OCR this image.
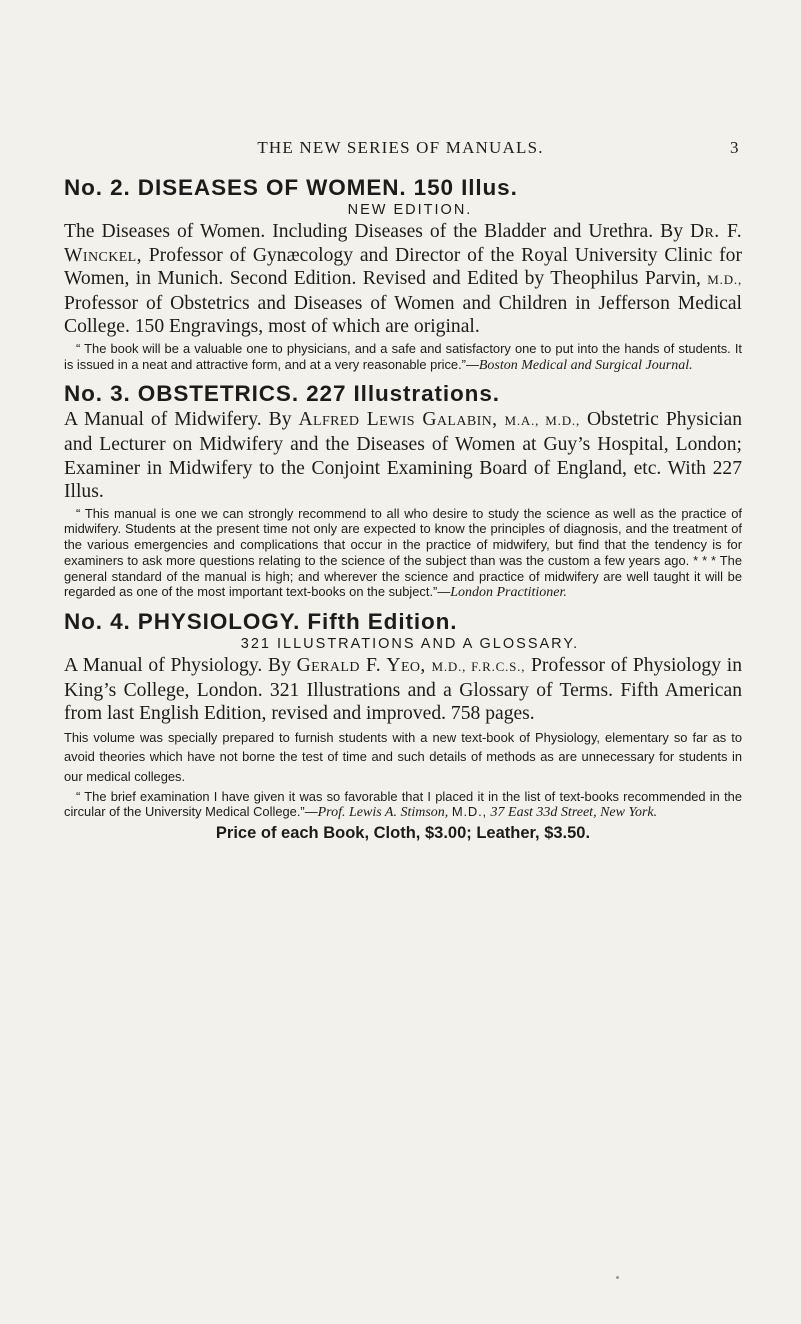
THE NEW SERIES OF MANUALS.	3
No. 2. DISEASES OF WOMEN. 150 Illus.
NEW EDITION.

The Diseases of Women. Including Diseases of the Bladder and Urethra. By Dr. F. Winckel, Professor of Gynæcology and Director of the Royal University Clinic for Women, in Munich. Second Edition. Revised and Edited by Theophilus Parvin, M.D., Professor of Obstetrics and Diseases of Women and Children in Jefferson Medical College. 150 Engravings, most of which are original.

“ The book will be a valuable one to physicians, and a safe and satisfactory one to put into the hands of students. It is issued in a neat and attractive form, and at a very reasonable price.”—Boston Medical and Surgical Journal.

No. 3. OBSTETRICS. 227 Illustrations.

A Manual of Midwifery. By Alfred Lewis Galabin, M.A., M.D., Obstetric Physician and Lecturer on Midwifery and the Diseases of Women at Guy’s Hospital, London; Examiner in Midwifery to the Conjoint Examining Board of England, etc. With 227 Illus.

“ This manual is one we can strongly recommend to all who desire to study the science as well as the practice of midwifery. Students at the present time not only are expected to know the principles of diagnosis, and the treatment of the various emergencies and complications that occur in the practice of midwifery, but find that the tendency is for examiners to ask more questions relating to the science of the subject than was the custom a few years ago. * * * The general standard of the manual is high; and wherever the science and practice of midwifery are well taught it will be regarded as one of the most important text-books on the subject.”—London Practitioner.

No. 4. PHYSIOLOGY. Fifth Edition.
321 ILLUSTRATIONS AND A GLOSSARY.

A Manual of Physiology. By Gerald F. Yeo, M.D., F.R.C.S., Professor of Physiology in King’s College, London. 321 Illustrations and a Glossary of Terms. Fifth American from last English Edition, revised and improved. 758 pages.

This volume was specially prepared to furnish students with a new text-book of Physiology, elementary so far as to avoid theories which have not borne the test of time and such details of methods as are unnecessary for students in our medical colleges.

“ The brief examination I have given it was so favorable that I placed it in the list of text-books recommended in the circular of the University Medical College.”—Prof. Lewis A. Stimson, M.D., 37 East 33d Street, New York.

Price of each Book, Cloth, $3.00; Leather, $3.50.
